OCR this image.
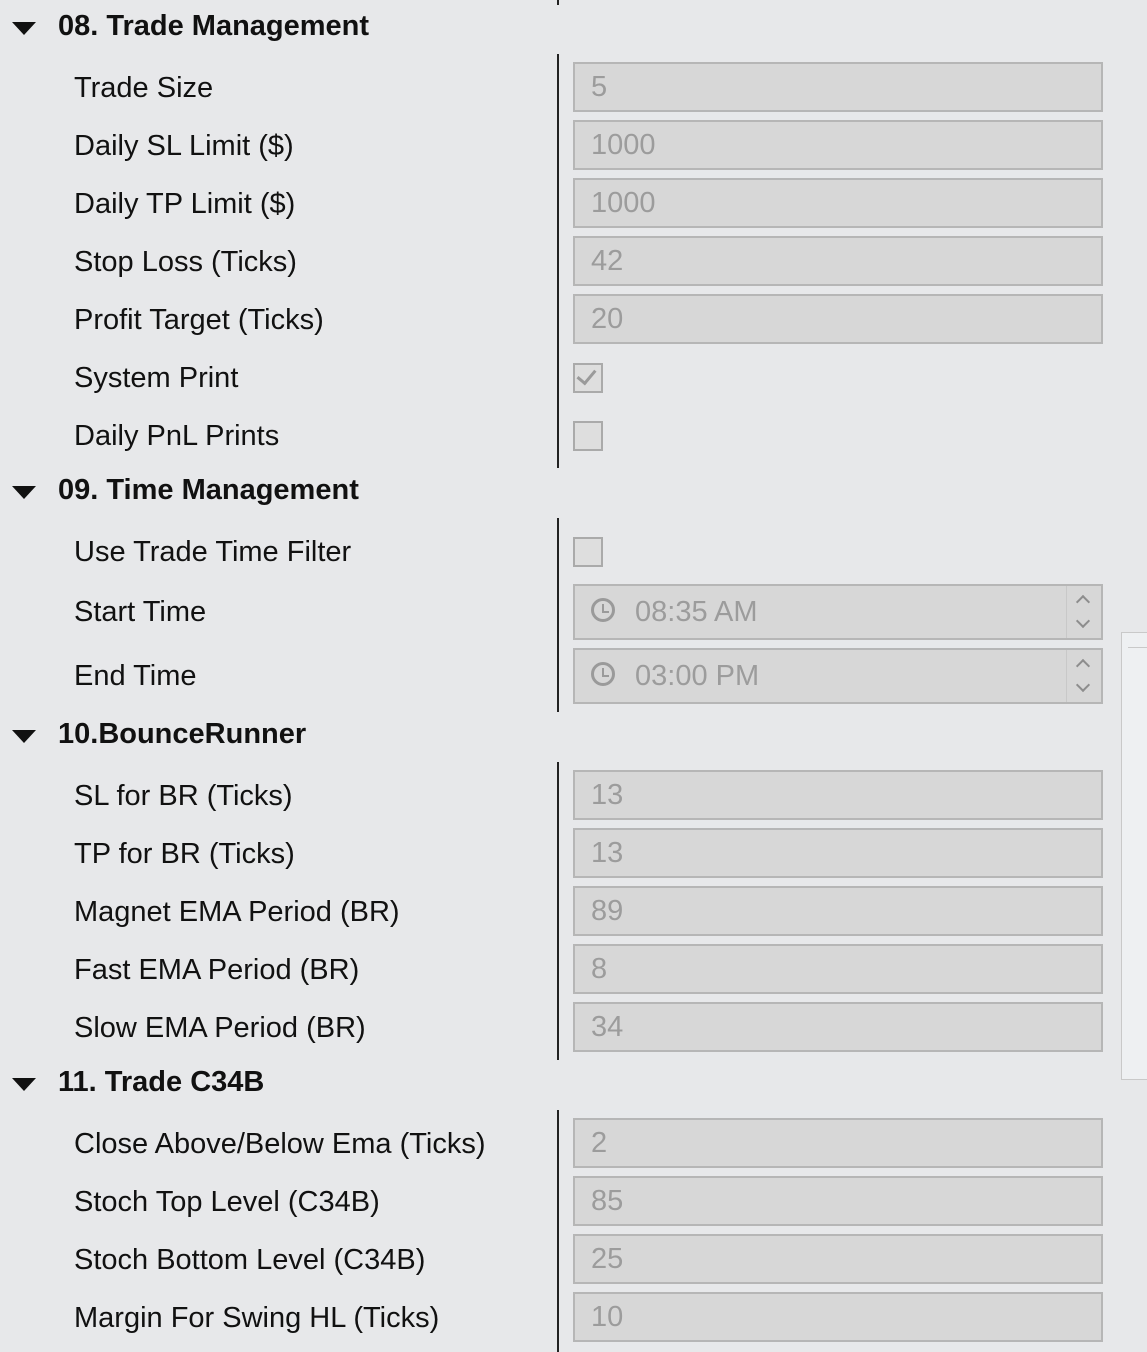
08. Trade Management
Trade Size	5
Daily SL Limit ($)	1000
Daily TP Limit ($)	1000
Stop Loss (Ticks)	42
Profit Target (Ticks)	20
System Print
Daily PnL Prints
09. Time Management
Use Trade Time Filter
Start Time	08:35 AM
End Time	03:00 PM
10.BounceRunner
SL for BR (Ticks)	13
TP for BR (Ticks)	13
Magnet EMA Period (BR)	89
Fast EMA Period (BR)	8
Slow EMA Period (BR)	34
11. Trade C34B
Close Above/Below Ema (Ticks)	2
Stoch Top Level (C34B)	85
Stoch Bottom Level (C34B)	25
Margin For Swing HL (Ticks)	10
